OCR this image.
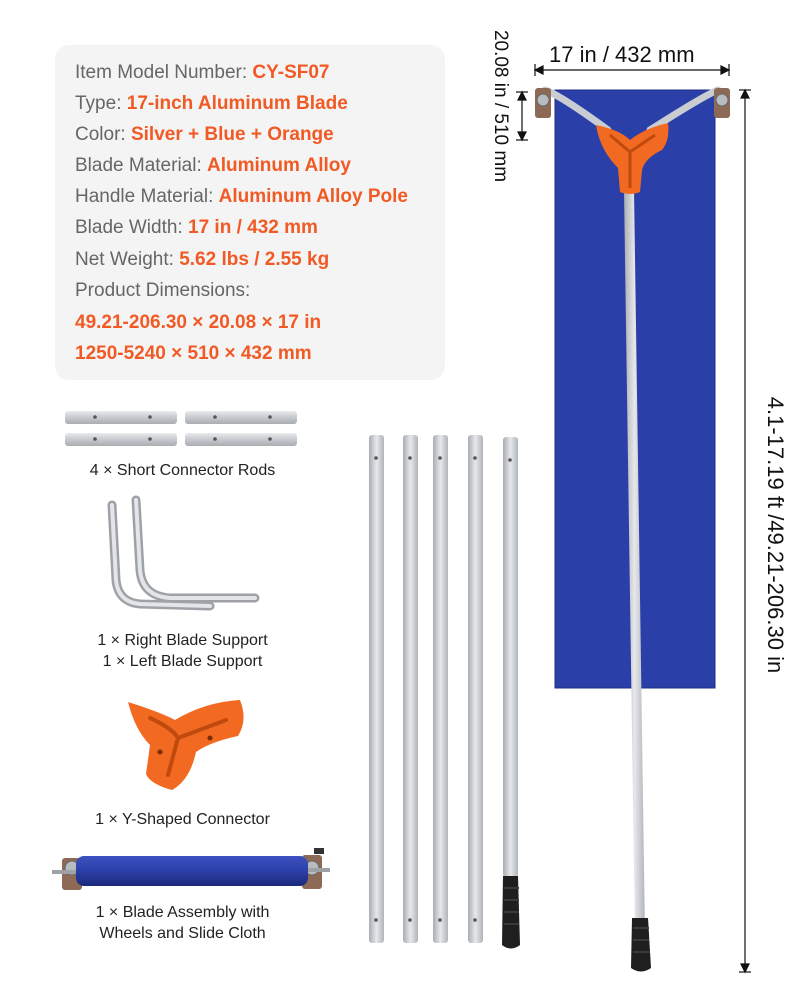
Item Model Number: CY-SF07
Type: 17-inch Aluminum Blade
Color: Silver + Blue + Orange
Blade Material: Aluminum Alloy
Handle Material: Aluminum Alloy Pole
Blade Width: 17 in / 432 mm
Net Weight: 5.62 lbs / 2.55 kg
Product Dimensions:
49.21-206.30 × 20.08 × 17 in
1250-5240 × 510 × 432 mm
17 in / 432 mm
20.08 in / 510 mm
4.1-17.19 ft /49.21-206.30 in
4 × Short Connector Rods
1 × Right Blade Support
1 × Left Blade Support
1 × Y-Shaped Connector
1 × Blade Assembly with
Wheels and Slide Cloth
